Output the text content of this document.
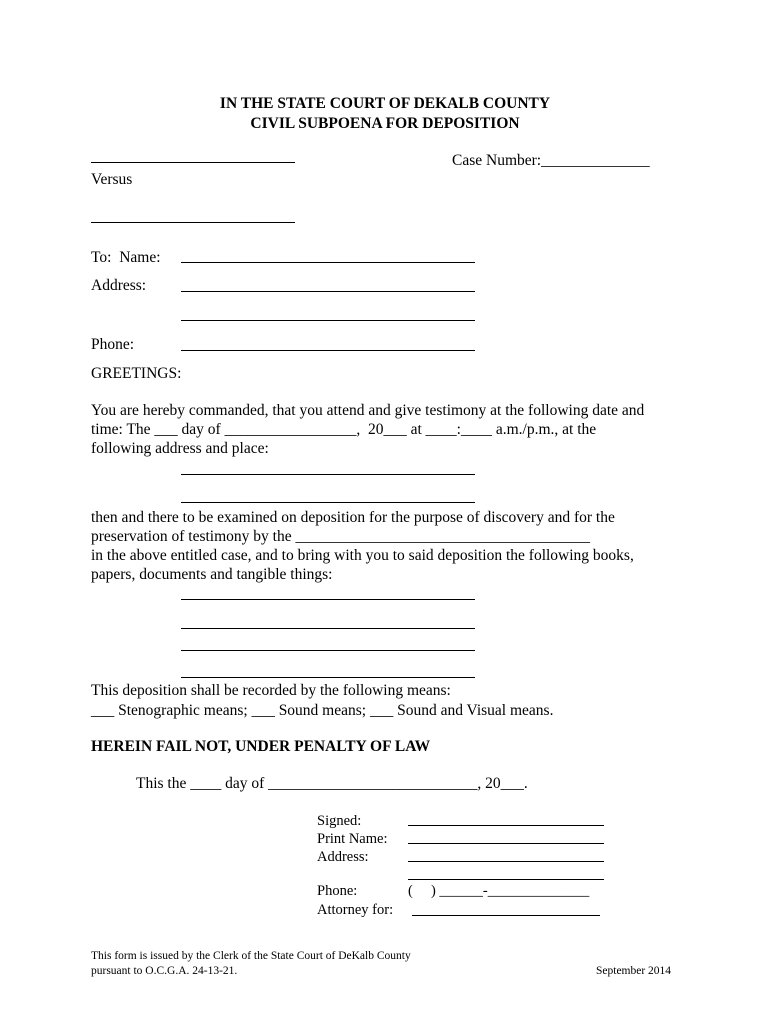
IN THE STATE COURT OF DEKALB COUNTY
CIVIL SUBPOENA FOR DEPOSITION
Case Number:______________
Versus
To:  Name:
Address:
Phone:
GREETINGS:
You are hereby commanded, that you attend and give testimony at the following date and
time: The ___ day of _________________,  20___ at ____:____ a.m./p.m., at the
following address and place:
then and there to be examined on deposition for the purpose of discovery and for the
preservation of testimony by the ______________________________________
in the above entitled case, and to bring with you to said deposition the following books,
papers, documents and tangible things:
This deposition shall be recorded by the following means:
___ Stenographic means; ___ Sound means; ___ Sound and Visual means.
HEREIN FAIL NOT, UNDER PENALTY OF LAW
This the ____ day of ___________________________, 20___.
Signed:
Print Name:
Address:
Phone:	(     ) ______-______________
Attorney for:
This form is issued by the Clerk of the State Court of DeKalb County
pursuant to O.C.G.A. 24-13-21.	September 2014
